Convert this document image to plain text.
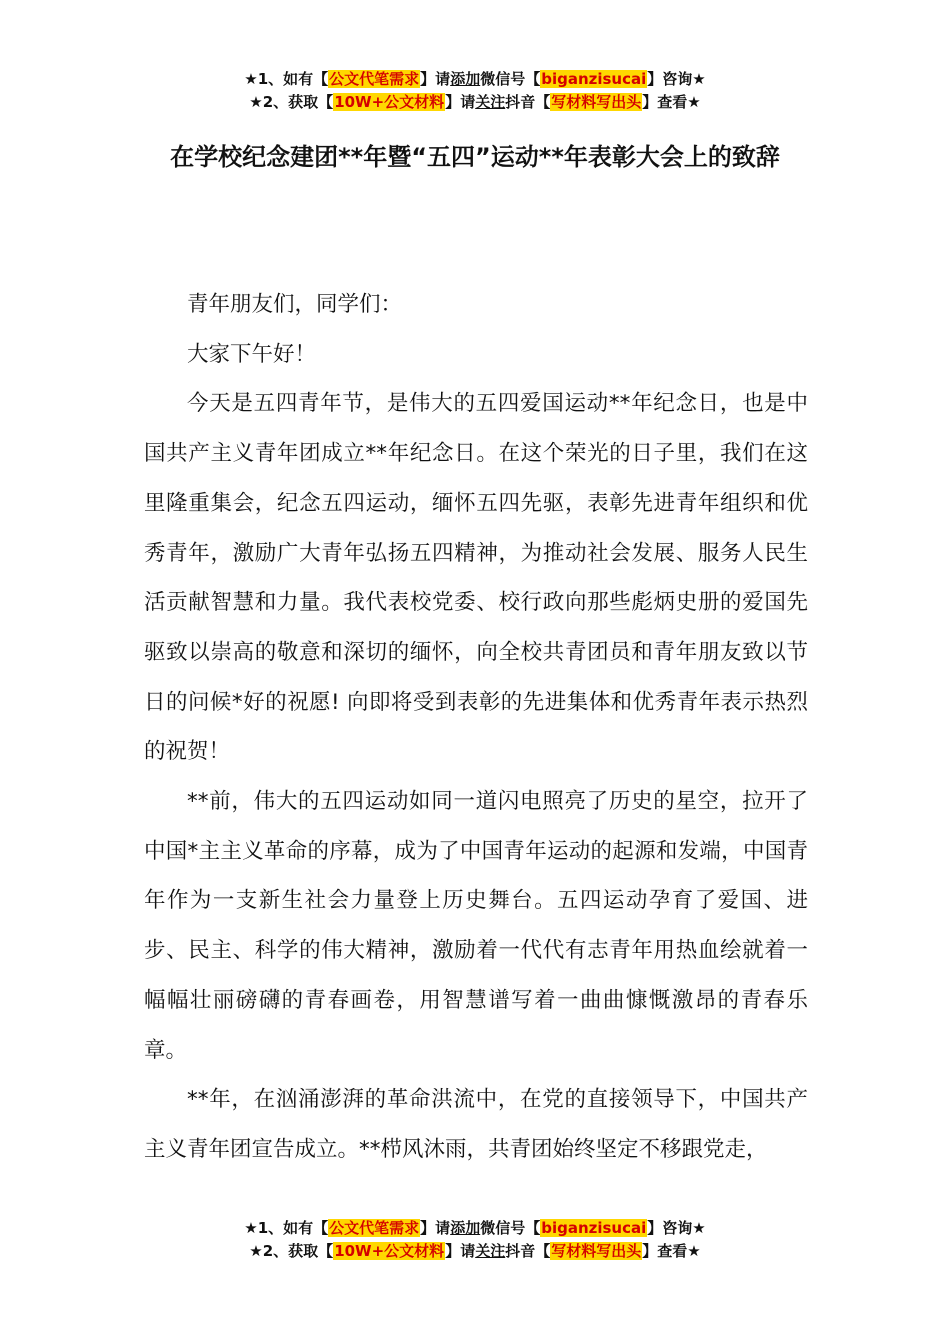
★1、如有【公文代笔需求】请添加微信号【biganzisucai】咨询★
★2、获取【10W+公文材料】请关注抖音【写材料写出头】查看★
在学校纪念建团**年暨“五四”运动**年表彰大会上的致辞

青年朋友们，同学们：

大家下午好！

今天是五四青年节，是伟大的五四爱国运动**年纪念日，也是中国共产主义青年团成立**年纪念日。在这个荣光的日子里，我们在这里隆重集会，纪念五四运动，缅怀五四先驱，表彰先进青年组织和优秀青年，激励广大青年弘扬五四精神，为推动社会发展、服务人民生活贡献智慧和力量。我代表校党委、校行政向那些彪炳史册的爱国先驱致以崇高的敬意和深切的缅怀，向全校共青团员和青年朋友致以节日的问候*好的祝愿! 向即将受到表彰的先进集体和优秀青年表示热烈的祝贺！

**前，伟大的五四运动如同一道闪电照亮了历史的星空，拉开了中国*主主义革命的序幕，成为了中国青年运动的起源和发端，中国青年作为一支新生社会力量登上历史舞台。五四运动孕育了爱国、进步、民主、科学的伟大精神，激励着一代代有志青年用热血绘就着一幅幅壮丽磅礴的青春画卷，用智慧谱写着一曲曲慷慨激昂的青春乐章。

**年，在汹涌澎湃的革命洪流中，在党的直接领导下，中国共产主义青年团宣告成立。**栉风沐雨，共青团始终坚定不移跟党走，

★1、如有【公文代笔需求】请添加微信号【biganzisucai】咨询★
★2、获取【10W+公文材料】请关注抖音【写材料写出头】查看★
